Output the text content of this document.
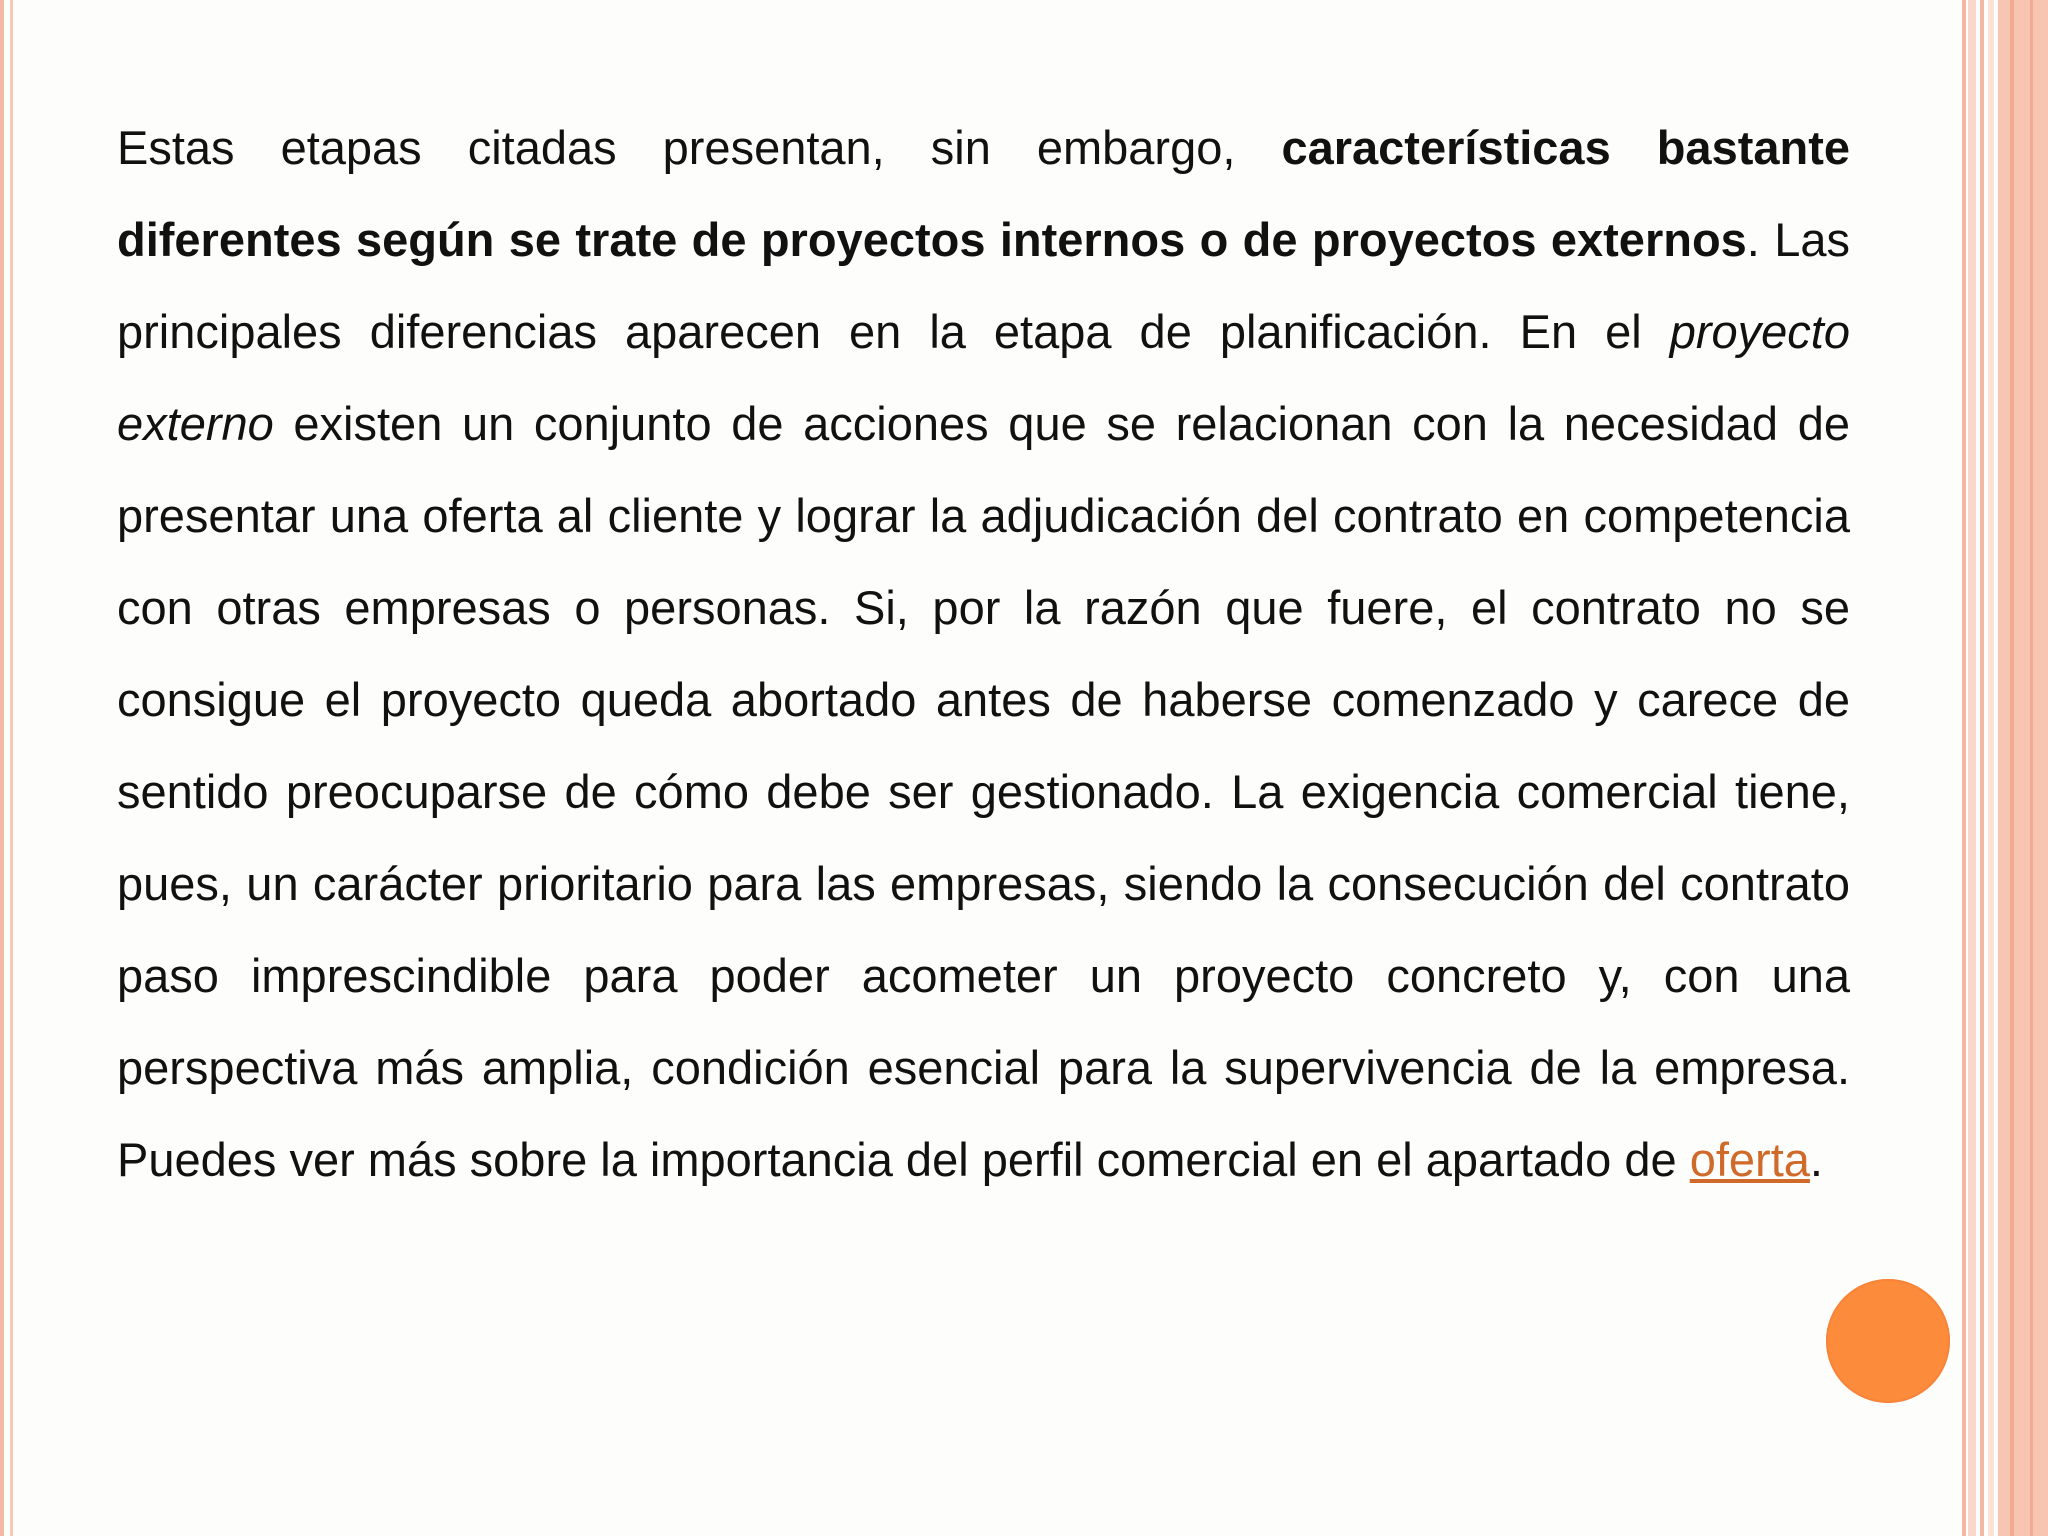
Estas etapas citadas presentan, sin embargo, características bastante diferentes según se trate de proyectos internos o de proyectos externos. Las principales diferencias aparecen en la etapa de planificación. En el proyecto externo existen un conjunto de acciones que se relacionan con la necesidad de presentar una oferta al cliente y lograr la adjudicación del contrato en competencia con otras empresas o personas. Si, por la razón que fuere, el contrato no se consigue el proyecto queda abortado antes de haberse comenzado y carece de sentido preocuparse de cómo debe ser gestionado. La exigencia comercial tiene, pues, un carácter prioritario para las empresas, siendo la consecución del contrato paso imprescindible para poder acometer un proyecto concreto y, con una perspectiva más amplia, condición esencial para la supervivencia de la empresa. Puedes ver más sobre la importancia del perfil comercial en el apartado de oferta.
